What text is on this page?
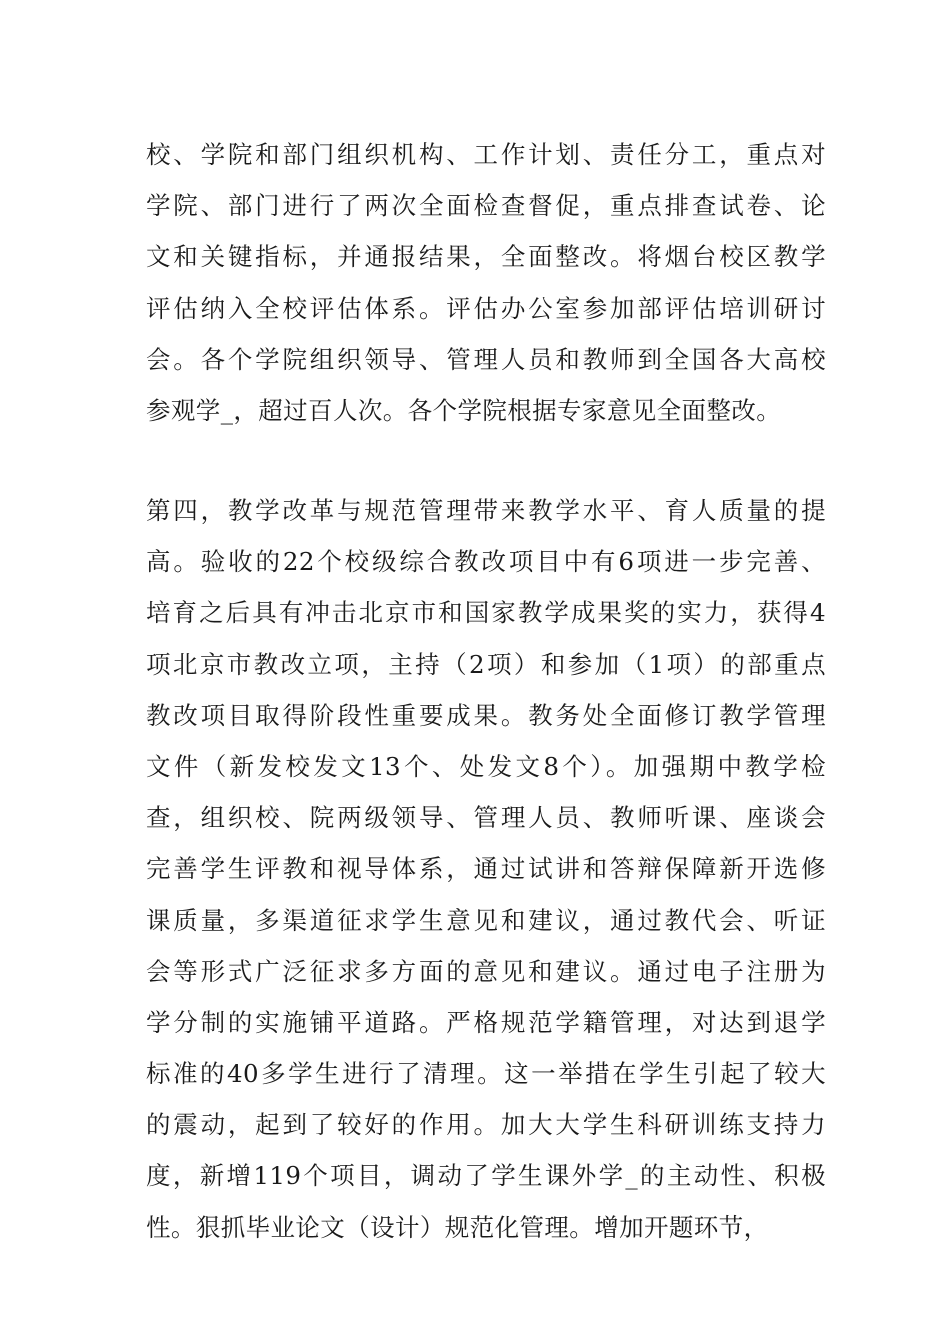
校、学院和部门组织机构、工作计划、责任分工，重点对
学院、部门进行了两次全面检查督促，重点排查试卷、论
文和关键指标，并通报结果，全面整改。将烟台校区教学
评估纳入全校评估体系。评估办公室参加部评估培训研讨
会。各个学院组织领导、管理人员和教师到全国各大高校
参观学_，超过百人次。各个学院根据专家意见全面整改。
第四，教学改革与规范管理带来教学水平、育人质量的提
高。验收的22个校级综合教改项目中有6项进一步完善、
培育之后具有冲击北京市和国家教学成果奖的实力，获得4
项北京市教改立项，主持（2项）和参加（1项）的部重点
教改项目取得阶段性重要成果。教务处全面修订教学管理
文件（新发校发文13个、处发文8个）。加强期中教学检
查，组织校、院两级领导、管理人员、教师听课、座谈会
完善学生评教和视导体系，通过试讲和答辩保障新开选修
课质量，多渠道征求学生意见和建议，通过教代会、听证
会等形式广泛征求多方面的意见和建议。通过电子注册为
学分制的实施铺平道路。严格规范学籍管理，对达到退学
标准的40多学生进行了清理。这一举措在学生引起了较大
的震动，起到了较好的作用。加大大学生科研训练支持力
度，新增119个项目，调动了学生课外学_的主动性、积极
性。狠抓毕业论文（设计）规范化管理。增加开题环节，
